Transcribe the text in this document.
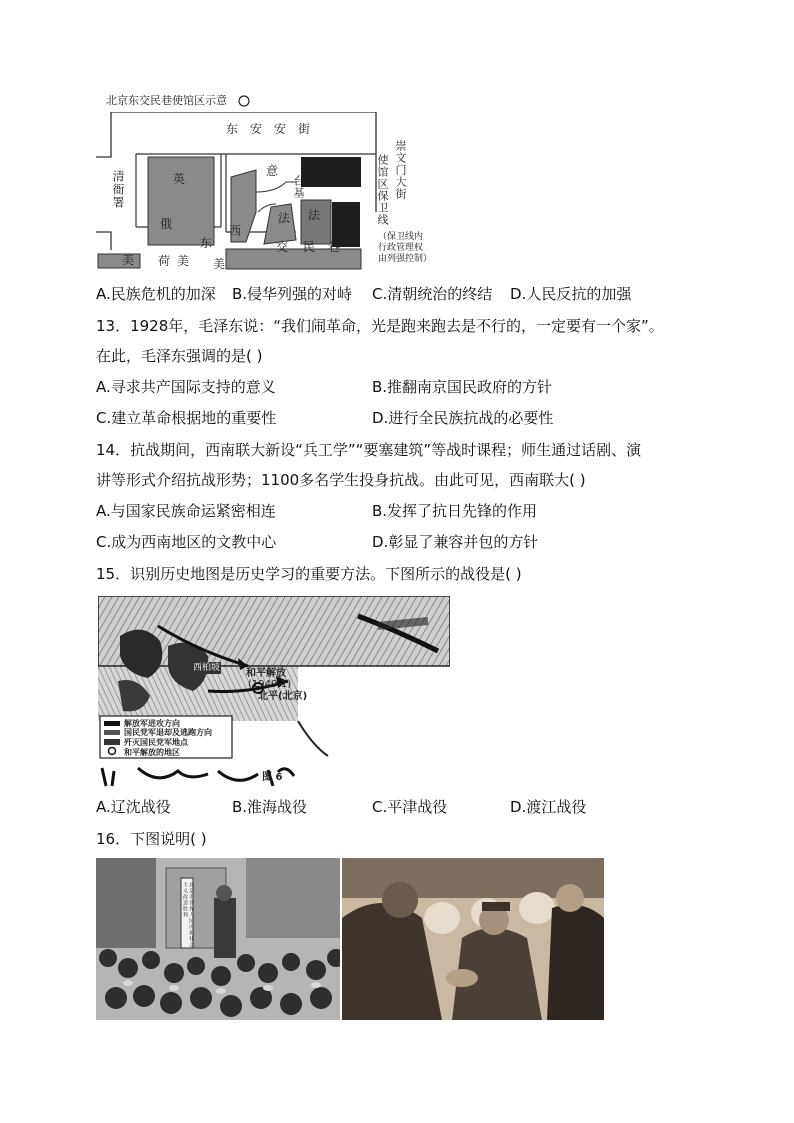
北京东交民巷使馆区示意
东　安　安　街
清衙署	崇文门大街
使馆区保卫线
（保卫线内行政管理权由列强控制）
英
俄
意
台基
法 法
西
东	交 民 巷
美 荷 美 美
A.民族危机的加深 B.侵华列强的对峙 C.清朝统治的终结 D.人民反抗的加强
13．1928年，毛泽东说：“我们闹革命，光是跑来跑去是不行的，一定要有一个家”。
在此，毛泽东强调的是( )
A.寻求共产国际支持的意义	B.推翻南京国民政府的方针
C.建立革命根据地的重要性	D.进行全民族抗战的必要性
14．抗战期间，西南联大新设“兵工学”“要塞建筑”等战时课程；师生通过话剧、演
讲等形式介绍抗战形势；1100多名学生投身抗战。由此可见，西南联大( )
A.与国家民族命运紧密相连	B.发挥了抗日先锋的作用
C.成为西南地区的文教中心	D.彰显了兼容并包的方针
15．识别历史地图是历史学习的重要方法。下图所示的战役是( )
和平解放
(1949-1)
北平(北京)
西柏坡
解放军进攻方向
国民党军退却及逃跑方向
歼灭国民党军地点
和平解放的地区
图 6
A.辽沈战役	B.淮海战役	C.平津战役	D.渡江战役
16．下图说明( )
北京市各界人民庆祝社会主义改造胜利
